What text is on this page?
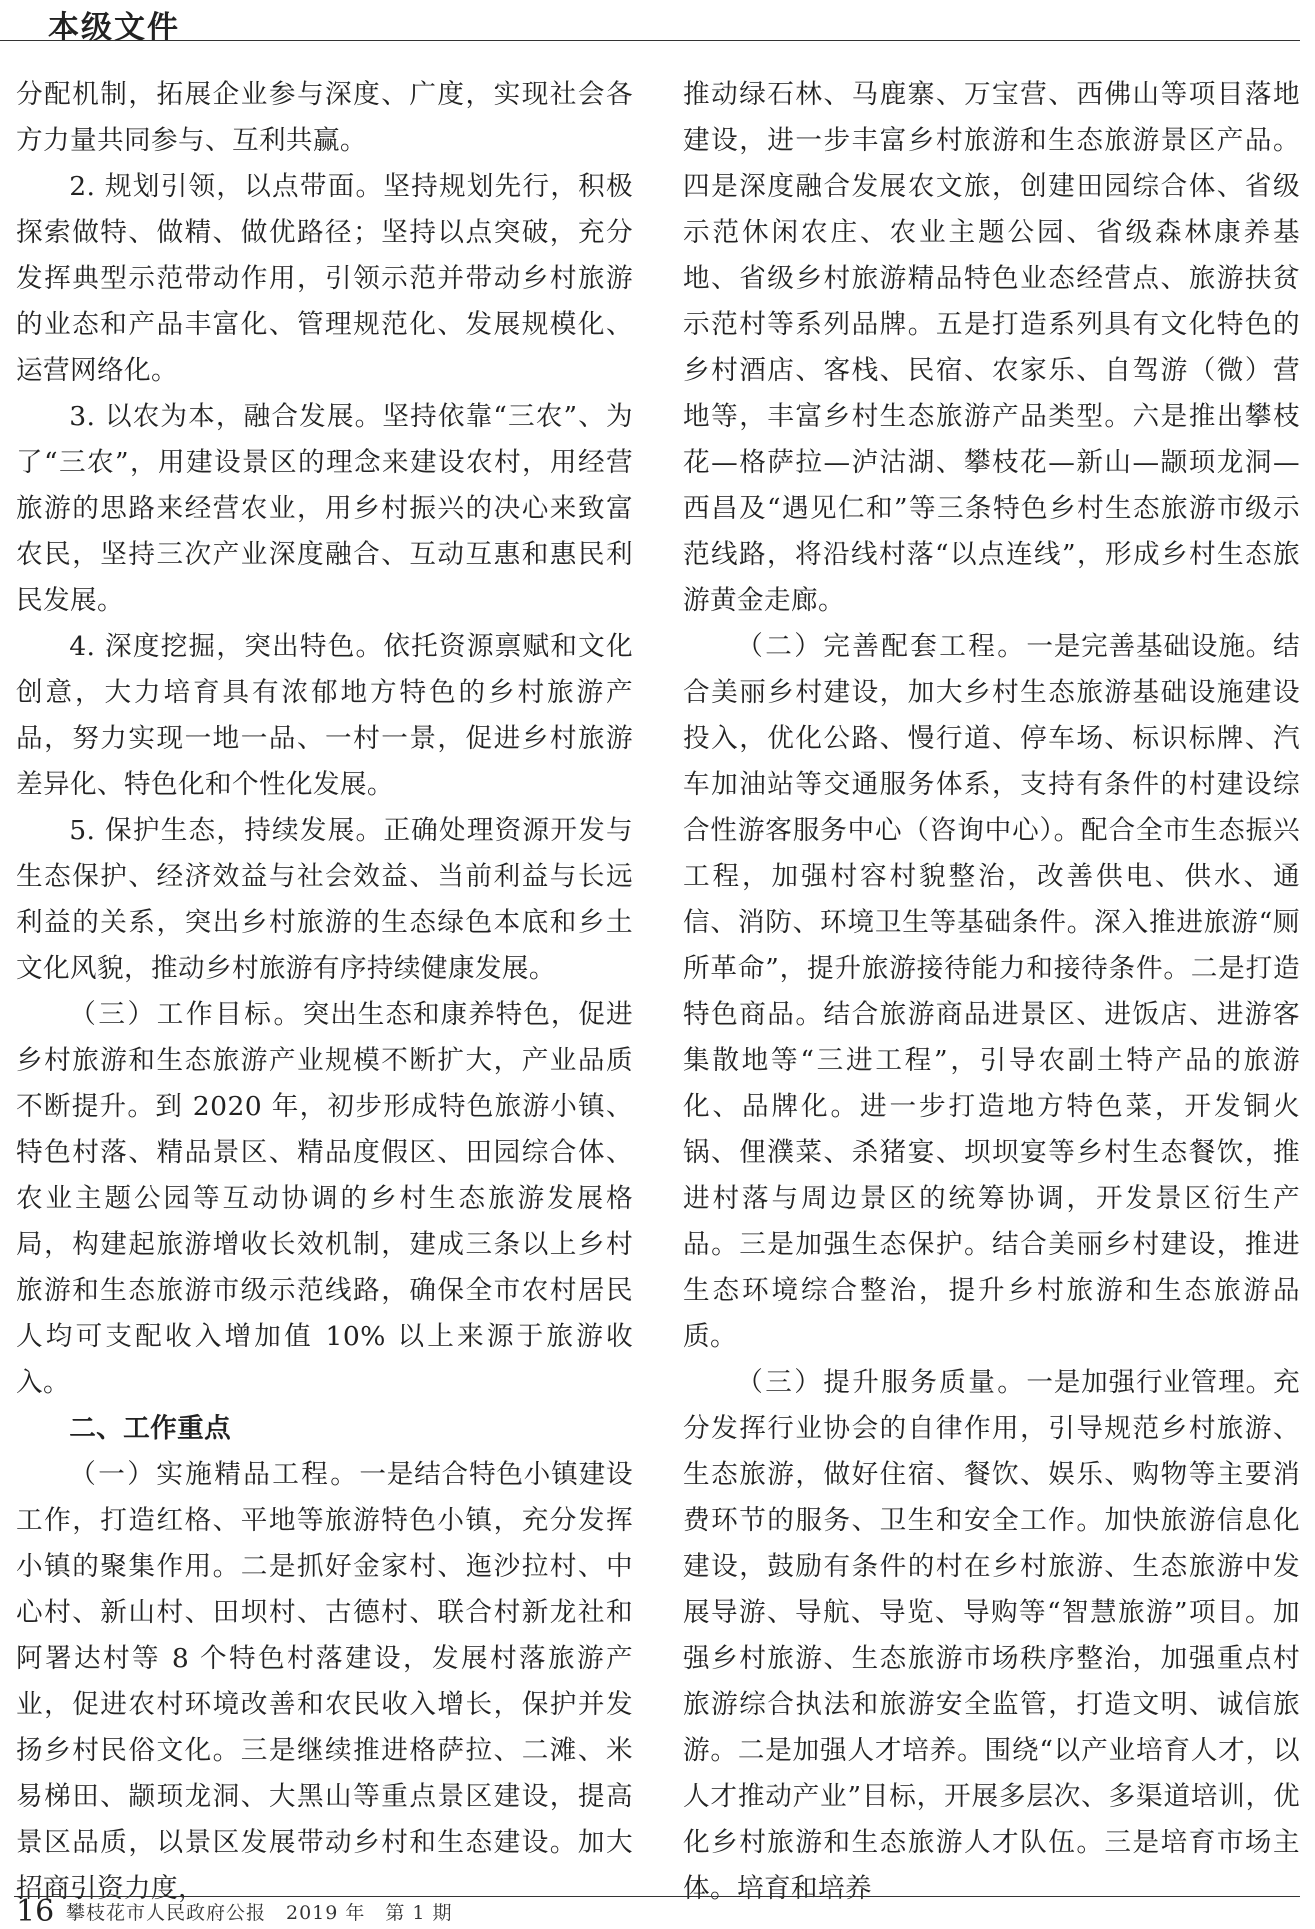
本级文件

分配机制，拓展企业参与深度、广度，实现社会各方力量共同参与、互利共赢。

2. 规划引领，以点带面。坚持规划先行，积极探索做特、做精、做优路径；坚持以点突破，充分发挥典型示范带动作用，引领示范并带动乡村旅游的业态和产品丰富化、管理规范化、发展规模化、运营网络化。

3. 以农为本，融合发展。坚持依靠“三农”、为了“三农”，用建设景区的理念来建设农村，用经营旅游的思路来经营农业，用乡村振兴的决心来致富农民，坚持三次产业深度融合、互动互惠和惠民利民发展。

4. 深度挖掘，突出特色。依托资源禀赋和文化创意，大力培育具有浓郁地方特色的乡村旅游产品，努力实现一地一品、一村一景，促进乡村旅游差异化、特色化和个性化发展。

5. 保护生态，持续发展。正确处理资源开发与生态保护、经济效益与社会效益、当前利益与长远利益的关系，突出乡村旅游的生态绿色本底和乡土文化风貌，推动乡村旅游有序持续健康发展。

（三）工作目标。突出生态和康养特色，促进乡村旅游和生态旅游产业规模不断扩大，产业品质不断提升。到 2020 年，初步形成特色旅游小镇、特色村落、精品景区、精品度假区、田园综合体、农业主题公园等互动协调的乡村生态旅游发展格局，构建起旅游增收长效机制，建成三条以上乡村旅游和生态旅游市级示范线路，确保全市农村居民人均可支配收入增加值 10% 以上来源于旅游收入。

二、工作重点

（一）实施精品工程。一是结合特色小镇建设工作，打造红格、平地等旅游特色小镇，充分发挥小镇的聚集作用。二是抓好金家村、迤沙拉村、中心村、新山村、田坝村、古德村、联合村新龙社和阿署达村等 8 个特色村落建设，发展村落旅游产业，促进农村环境改善和农民收入增长，保护并发扬乡村民俗文化。三是继续推进格萨拉、二滩、米易梯田、颛顼龙洞、大黑山等重点景区建设，提高景区品质，以景区发展带动乡村和生态建设。加大招商引资力度，

推动绿石林、马鹿寨、万宝营、西佛山等项目落地建设，进一步丰富乡村旅游和生态旅游景区产品。四是深度融合发展农文旅，创建田园综合体、省级示范休闲农庄、农业主题公园、省级森林康养基地、省级乡村旅游精品特色业态经营点、旅游扶贫示范村等系列品牌。五是打造系列具有文化特色的乡村酒店、客栈、民宿、农家乐、自驾游（微）营地等，丰富乡村生态旅游产品类型。六是推出攀枝花—格萨拉—泸沽湖、攀枝花—新山—颛顼龙洞—西昌及“遇见仁和”等三条特色乡村生态旅游市级示范线路，将沿线村落“以点连线”，形成乡村生态旅游黄金走廊。

（二）完善配套工程。一是完善基础设施。结合美丽乡村建设，加大乡村生态旅游基础设施建设投入，优化公路、慢行道、停车场、标识标牌、汽车加油站等交通服务体系，支持有条件的村建设综合性游客服务中心（咨询中心）。配合全市生态振兴工程，加强村容村貌整治，改善供电、供水、通信、消防、环境卫生等基础条件。深入推进旅游“厕所革命”，提升旅游接待能力和接待条件。二是打造特色商品。结合旅游商品进景区、进饭店、进游客集散地等“三进工程”，引导农副土特产品的旅游化、品牌化。进一步打造地方特色菜，开发铜火锅、俚濮菜、杀猪宴、坝坝宴等乡村生态餐饮，推进村落与周边景区的统筹协调，开发景区衍生产品。三是加强生态保护。结合美丽乡村建设，推进生态环境综合整治，提升乡村旅游和生态旅游品质。

（三）提升服务质量。一是加强行业管理。充分发挥行业协会的自律作用，引导规范乡村旅游、生态旅游，做好住宿、餐饮、娱乐、购物等主要消费环节的服务、卫生和安全工作。加快旅游信息化建设，鼓励有条件的村在乡村旅游、生态旅游中发展导游、导航、导览、导购等“智慧旅游”项目。加强乡村旅游、生态旅游市场秩序整治，加强重点村旅游综合执法和旅游安全监管，打造文明、诚信旅游。二是加强人才培养。围绕“以产业培育人才，以人才推动产业”目标，开展多层次、多渠道培训，优化乡村旅游和生态旅游人才队伍。三是培育市场主体。培育和培养

16 攀枝花市人民政府公报　2019 年　第 1 期
